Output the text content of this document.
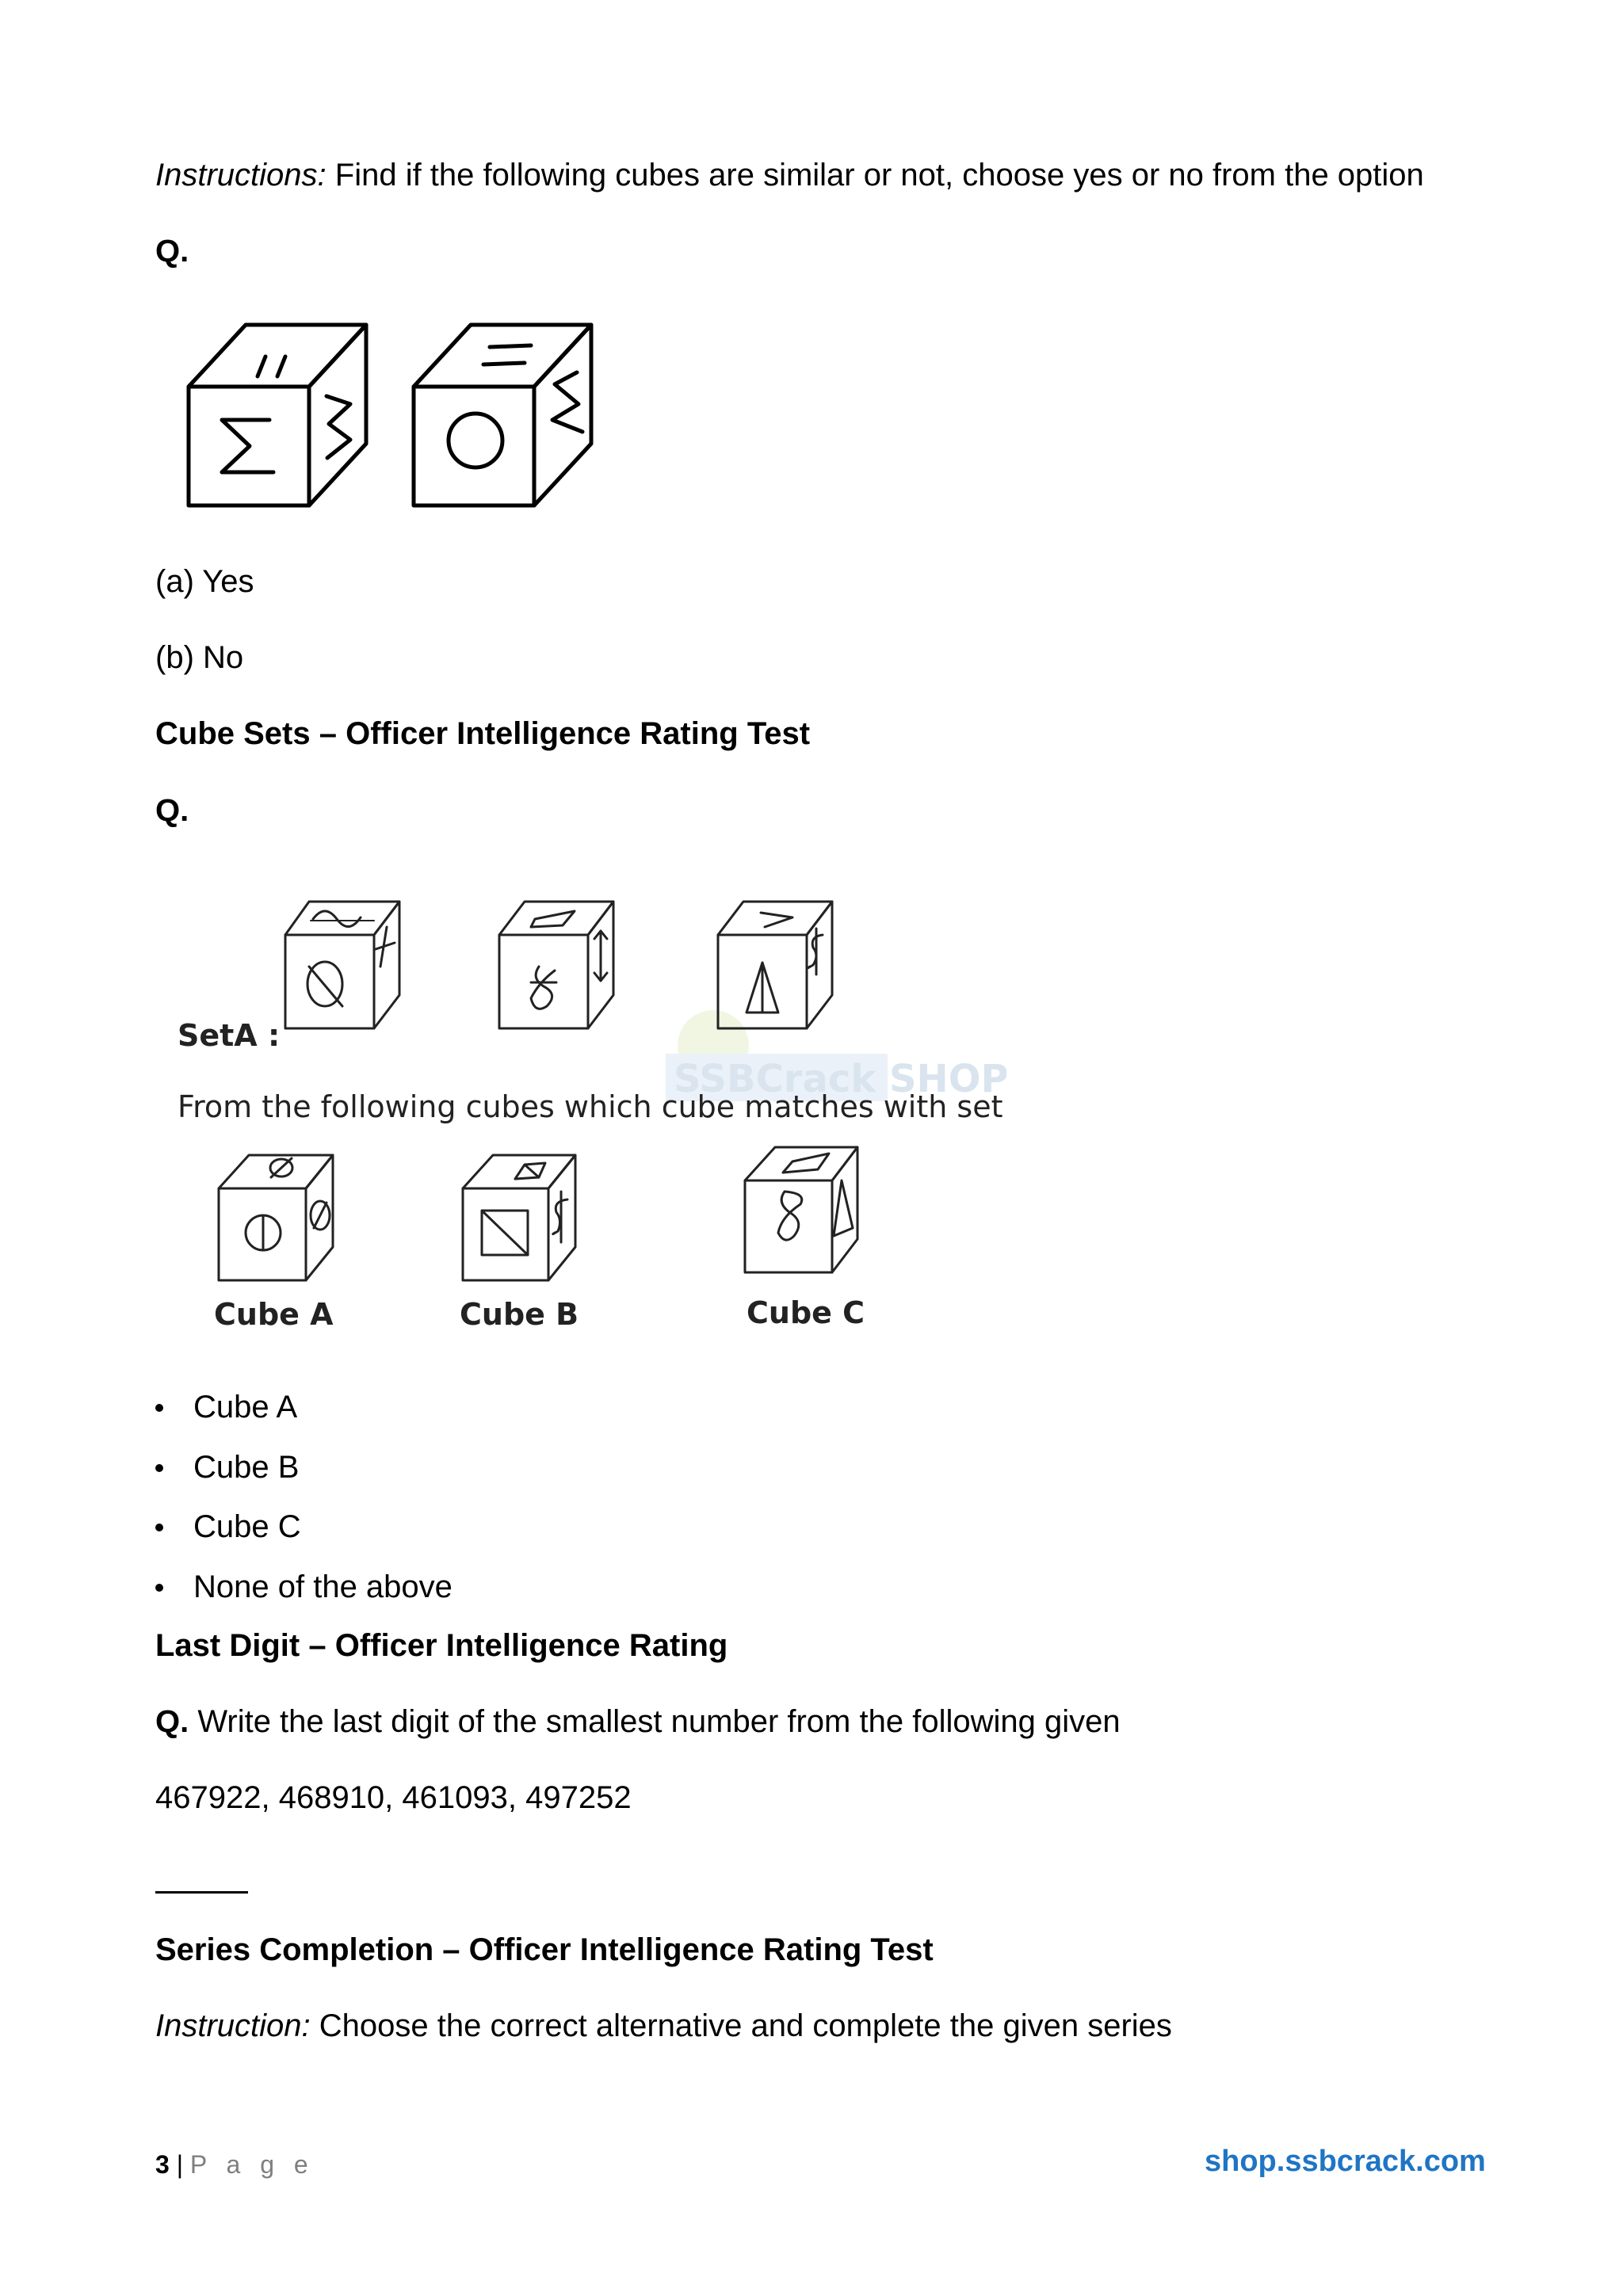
Instructions: Find if the following cubes are similar or not, choose yes or no from the option
Q.
(a) Yes
(b) No
Cube Sets – Officer Intelligence Rating Test
Q.
SSBCrack SHOP
SetA :
From the following cubes which cube matches with set A
Cube A	Cube B	Cube C
Cube A
Cube B
Cube C
None of the above
Last Digit – Officer Intelligence Rating
Q. Write the last digit of the smallest number from the following given
467922, 468910, 461093, 497252
Series Completion – Officer Intelligence Rating Test
Instruction: Choose the correct alternative and complete the given series
3 | P a g e	shop.ssbcrack.com
